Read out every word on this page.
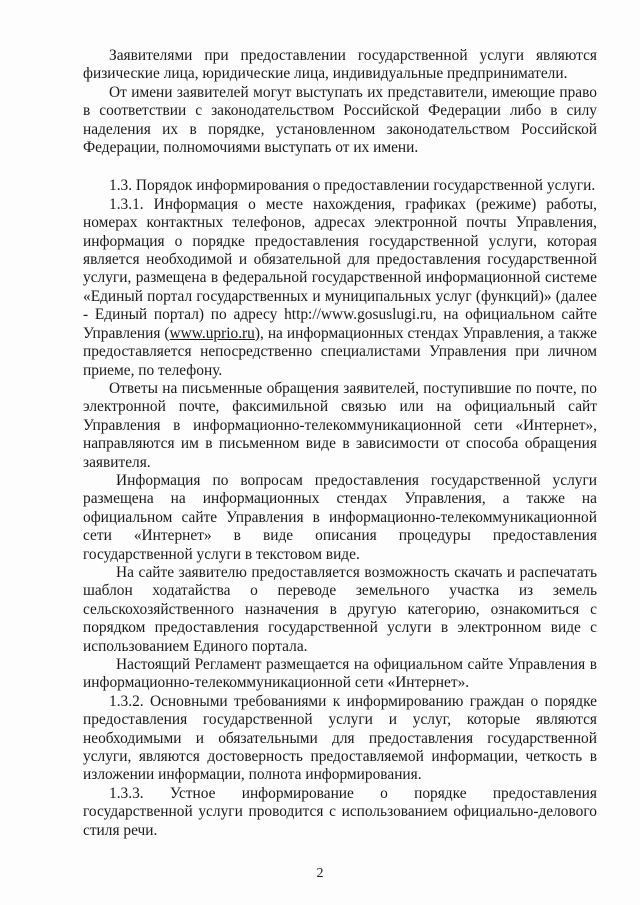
Заявителями при предоставлении государственной услуги являются физические лица, юридические лица, индивидуальные предприниматели.

От имени заявителей могут выступать их представители, имеющие право в соответствии с законодательством Российской Федерации либо в силу наделения их в порядке, установленном законодательством Российской Федерации, полномочиями выступать от их имени.

1.3. Порядок информирования о предоставлении государственной услуги.

1.3.1. Информация о месте нахождения, графиках (режиме) работы, номерах контактных телефонов, адресах электронной почты Управления, информация о порядке предоставления государственной услуги, которая является необходимой и обязательной для предоставления государственной услуги, размещена в федеральной государственной информационной системе «Единый портал государственных и муниципальных услуг (функций)» (далее - Единый портал) по адресу http://www.gosuslugi.ru, на официальном сайте Управления (www.uprio.ru), на информационных стендах Управления, а также предоставляется непосредственно специалистами Управления при личном приеме, по телефону.

Ответы на письменные обращения заявителей, поступившие по почте, по электронной почте, факсимильной связью или на официальный сайт Управления в информационно-телекоммуникационной сети «Интернет», направляются им в письменном виде в зависимости от способа обращения заявителя.

Информация по вопросам предоставления государственной услуги размещена на информационных стендах Управления, а также на официальном сайте Управления в информационно-телекоммуникационной сети «Интернет» в виде описания процедуры предоставления государственной услуги в текстовом виде.

На сайте заявителю предоставляется возможность скачать и распечатать шаблон ходатайства о переводе земельного участка из земель сельскохозяйственного назначения в другую категорию, ознакомиться с порядком предоставления государственной услуги в электронном виде с использованием Единого портала.

Настоящий Регламент размещается на официальном сайте Управления в информационно-телекоммуникационной сети «Интернет».

1.3.2. Основными требованиями к информированию граждан о порядке предоставления государственной услуги и услуг, которые являются необходимыми и обязательными для предоставления государственной услуги, являются достоверность предоставляемой информации, четкость в изложении информации, полнота информирования.

1.3.3. Устное информирование о порядке предоставления государственной услуги проводится с использованием официально-делового стиля речи.

2
